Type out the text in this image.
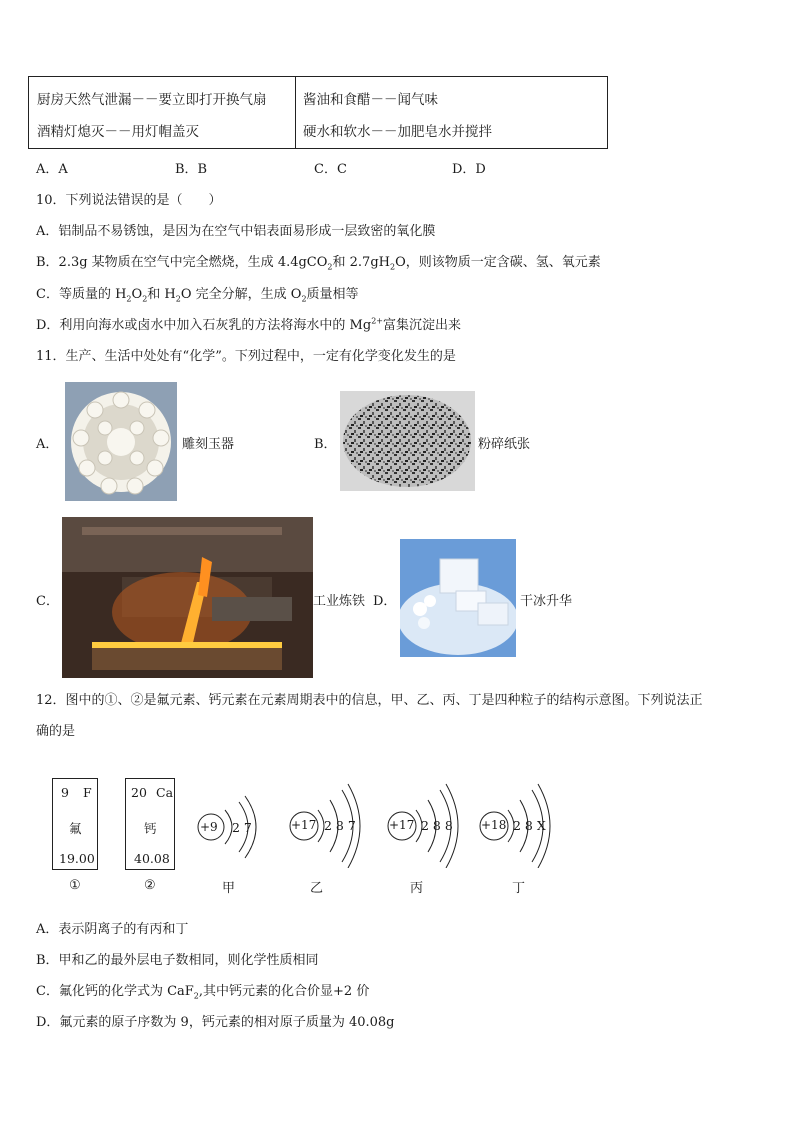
厨房天然气泄漏－－要立即打开换气扇	酱油和食醋－－闻气味
酒精灯熄灭－－用灯帽盖灭	硬水和软水－－加肥皂水并搅拌
A．A	B．B	C．C	D．D
10．下列说法错误的是（　　）
A．铝制品不易锈蚀，是因为在空气中铝表面易形成一层致密的氧化膜
B．2.3g 某物质在空气中完全燃烧，生成 4.4gCO$_2$和 $2.7gH_2O$，则该物质一定含碳、氢、氧元素
C．等质量的 $H_2O_2$和 $H_2O$ 完全分解，生成 $O_2$质量相等
D．利用向海水或卤水中加入石灰乳的方法将海水中的 $Mg^{2+}$富集沉淀出来
11．生产、生活中处处有“化学”。下列过程中，一定有化学变化发生的是
A．	雕刻玉器	B．	粉碎纸张
C．	工业炼铁 D．	干冰升华
12．图中的①、②是氟元素、钙元素在元素周期表中的信息，甲、乙、丙、丁是四种粒子的结构示意图。下列说法正
确的是
9 F
氟
19.00
①
20 Ca
钙
40.08
②
+9 2 7
甲
+17 2 8 7
乙
+17 2 8 8
丙
+18 2 8 X
丁
A．表示阴离子的有丙和丁
B．甲和乙的最外层电子数相同，则化学性质相同
C．氟化钙的化学式为 CaF$_2$,其中钙元素的化合价显+2 价
D．氟元素的原子序数为 9，钙元素的相对原子质量为 40.08g
